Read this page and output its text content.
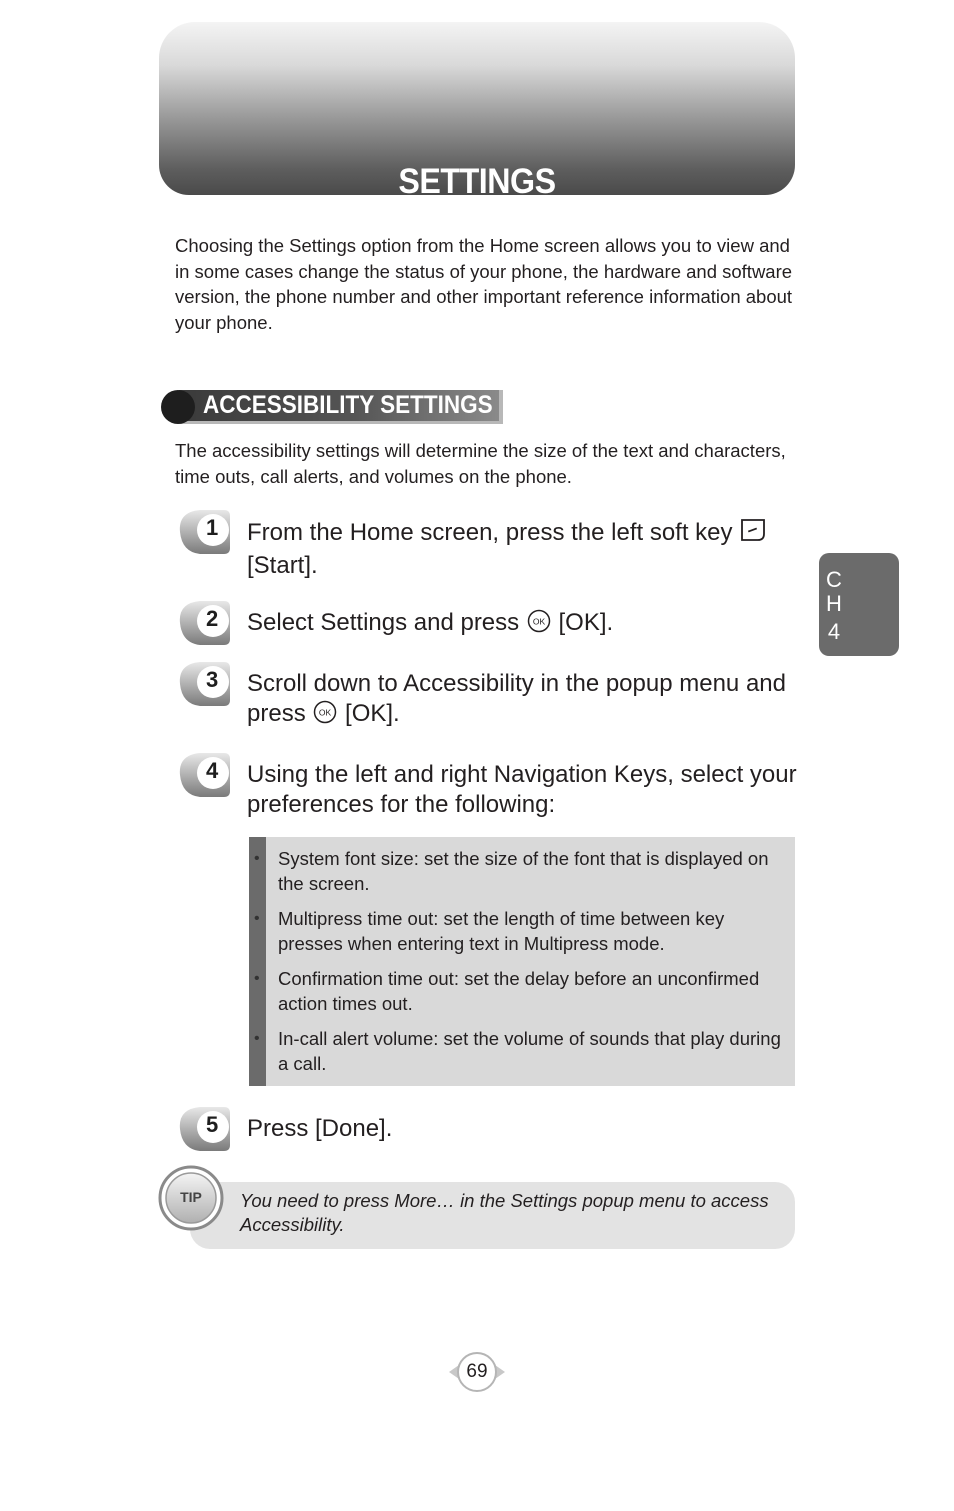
SETTINGS
Choosing the Settings option from the Home screen allows you to view and in some cases change the status of your phone, the hardware and software version, the phone number and other important reference information about your phone.
ACCESSIBILITY SETTINGS
The accessibility settings will determine the size of the text and characters, time outs, call alerts, and volumes on the phone.
1 From the Home screen, press the left soft key
[Start].
2 Select Settings and press OK [OK].
3 Scroll down to Accessibility in the popup menu and press OK [OK].
4 Using the left and right Navigation Keys, select your preferences for the following:
• System font size: set the size of the font that is displayed on the screen.
• Multipress time out: set the length of time between key presses when entering text in Multipress mode.
• Confirmation time out: set the delay before an unconfirmed action times out.
• In-call alert volume: set the volume of sounds that play during a call.
5 Press [Done].
You need to press More… in the Settings popup menu to access Accessibility.
TIP
C
H
4
69
